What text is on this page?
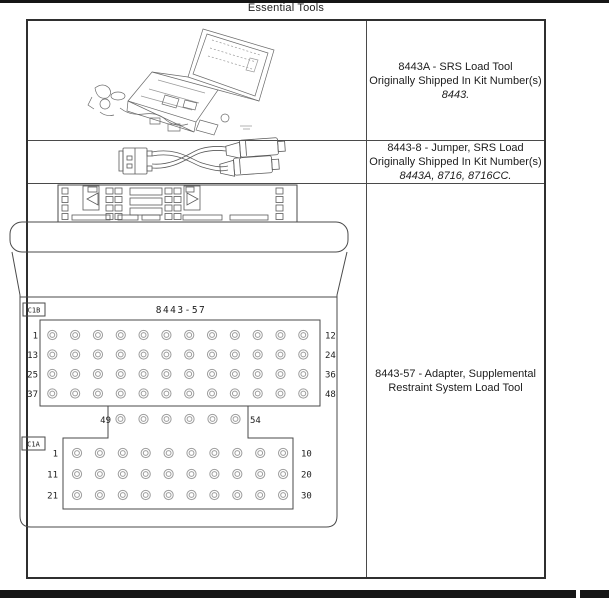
Essential Tools
8443A - SRS Load Tool
Originally Shipped In Kit Number(s)
8443.
8443-8 - Jumper, SRS Load
Originally Shipped In Kit Number(s)
8443A, 8716, 8716CC.
8443-57 - Adapter, Supplemental
Restraint System Load Tool
C1B	8443-57
C1A
49	54
1	12
13	24
25	36
37	48
1	10
11	20
21	30
